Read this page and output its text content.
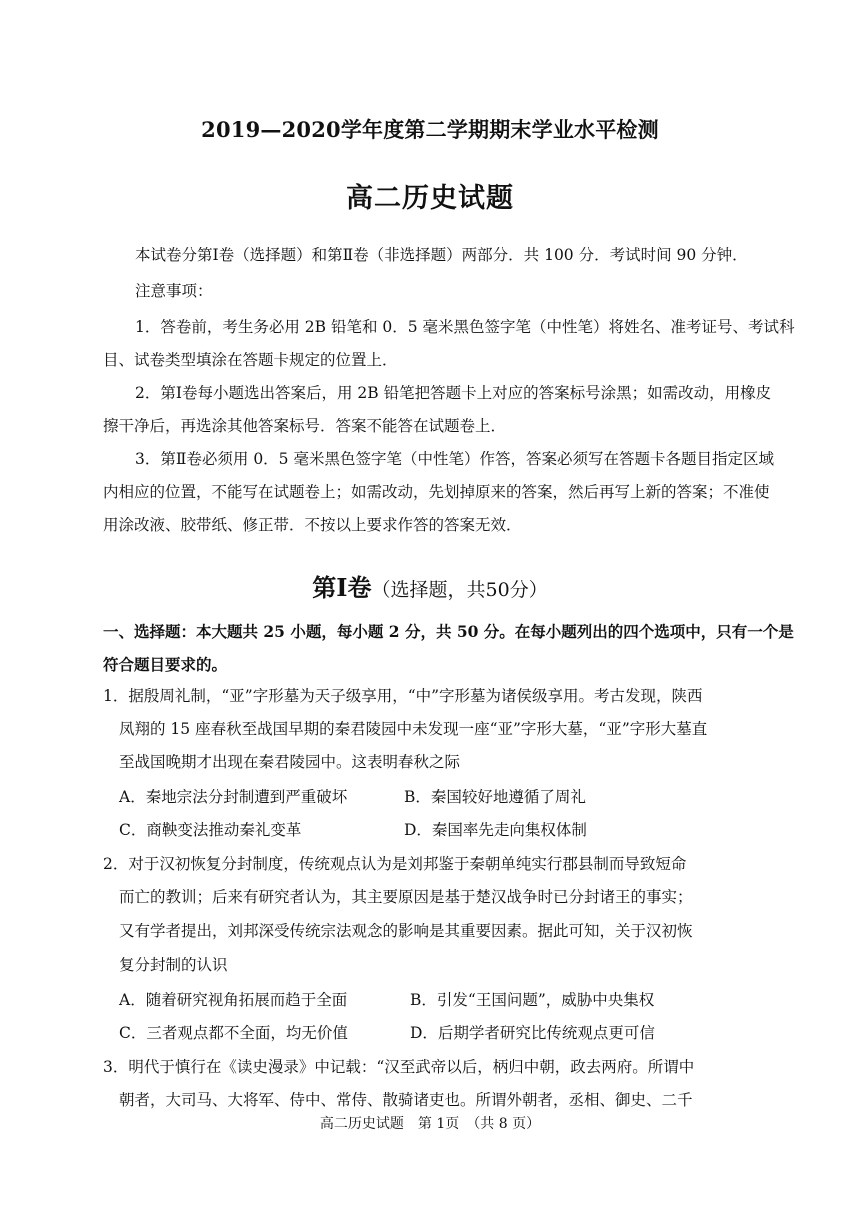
2019—2020学年度第二学期期末学业水平检测
高二历史试题
本试卷分第Ⅰ卷（选择题）和第Ⅱ卷（非选择题）两部分．共 100 分．考试时间 90 分钟．
注意事项：
1．答卷前，考生务必用 2B 铅笔和 0．5 毫米黑色签字笔（中性笔）将姓名、准考证号、考试科
目、试卷类型填涂在答题卡规定的位置上．
2．第Ⅰ卷每小题选出答案后，用 2B 铅笔把答题卡上对应的答案标号涂黑；如需改动，用橡皮
擦干净后，再选涂其他答案标号．答案不能答在试题卷上．
3．第Ⅱ卷必须用 0．5 毫米黑色签字笔（中性笔）作答，答案必须写在答题卡各题目指定区域
内相应的位置，不能写在试题卷上；如需改动，先划掉原来的答案，然后再写上新的答案；不准使
用涂改液、胶带纸、修正带．不按以上要求作答的答案无效．
第Ⅰ卷（选择题，共50分）
一、选择题：本大题共 25 小题，每小题 2 分，共 50 分。在每小题列出的四个选项中，只有一个是
符合题目要求的。
1．据殷周礼制，“亚”字形墓为天子级享用，“中”字形墓为诸侯级享用。考古发现，陕西
凤翔的 15 座春秋至战国早期的秦君陵园中未发现一座“亚”字形大墓，“亚”字形大墓直
至战国晚期才出现在秦君陵园中。这表明春秋之际
A．秦地宗法分封制遭到严重破坏	B．秦国较好地遵循了周礼
C．商鞅变法推动秦礼变革	D．秦国率先走向集权体制
2．对于汉初恢复分封制度，传统观点认为是刘邦鉴于秦朝单纯实行郡县制而导致短命
而亡的教训；后来有研究者认为，其主要原因是基于楚汉战争时已分封诸王的事实；
又有学者提出，刘邦深受传统宗法观念的影响是其重要因素。据此可知，关于汉初恢
复分封制的认识
A．随着研究视角拓展而趋于全面	B．引发“王国问题”，威胁中央集权
C．三者观点都不全面，均无价值	D．后期学者研究比传统观点更可信
3．明代于慎行在《读史漫录》中记载：“汉至武帝以后，柄归中朝，政去两府。所谓中
朝者，大司马、大将军、侍中、常侍、散骑诸吏也。所谓外朝者，丞相、御史、二千
高二历史试题　第 1页　（共 8 页）
